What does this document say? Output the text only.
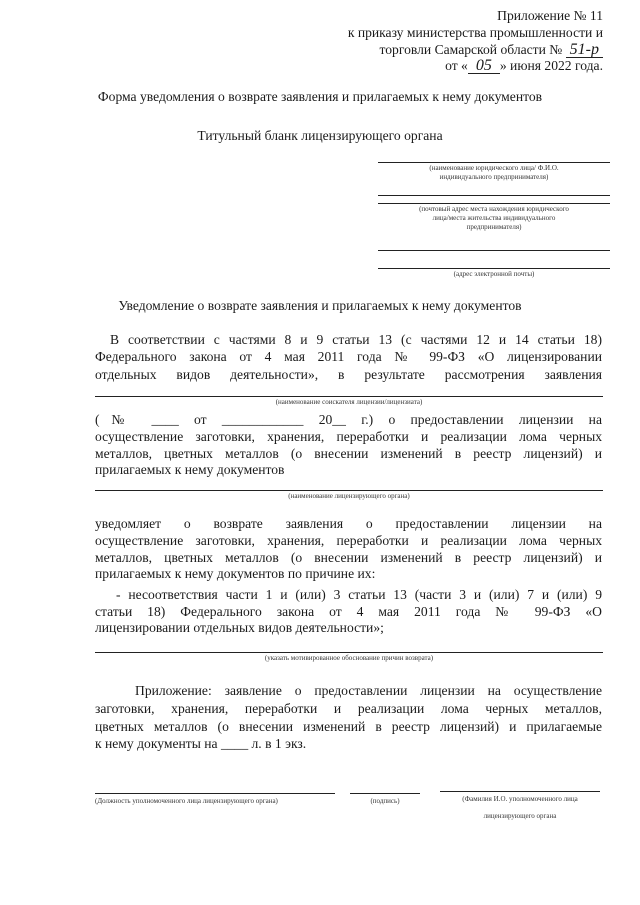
Приложение № 11
к приказу министерства промышленности и
торговли Самарской области № 51-р
от « 05 » июня 2022 года.
Форма уведомления о возврате заявления и прилагаемых к нему документов
Титульный бланк лицензирующего органа
(наименование юридического лица/ Ф.И.О.
индивидуального предпринимателя)
(почтовый адрес места нахождения юридического
лица/места жительства индивидуального
предпринимателя)
(адрес электронной почты)
Уведомление о возврате заявления и прилагаемых к нему документов
В соответствии с частями 8 и 9 статьи 13 (с частями 12 и 14 статьи 18)
Федерального закона от 4 мая 2011 года № 99-ФЗ «О лицензировании
отдельных видов деятельности», в результате рассмотрения заявления
(наименование соискателя лицензии/лицензиата)
(№ ____ от ____________ 20__ г.) о предоставлении лицензии на
осуществление заготовки, хранения, переработки и реализации лома черных
металлов, цветных металлов (о внесении изменений в реестр лицензий) и
прилагаемых к нему документов
(наименование лицензирующего органа)
уведомляет о возврате заявления о предоставлении лицензии на
осуществление заготовки, хранения, переработки и реализации лома черных
металлов, цветных металлов (о внесении изменений в реестр лицензий) и
прилагаемых к нему документов по причине их:
- несоответствия части 1 и (или) 3 статьи 13 (части 3 и (или) 7 и (или) 9
статьи 18) Федерального закона от 4 мая 2011 года № 99-ФЗ «О
лицензировании отдельных видов деятельности»;
(указать мотивированное обоснование причин возврата)
Приложение: заявление о предоставлении лицензии на осуществление
заготовки, хранения, переработки и реализации лома черных металлов,
цветных металлов (о внесении изменений в реестр лицензий) и прилагаемые
к нему документы на ____ л. в 1 экз.
(Должность уполномоченного лица лицензирующего органа)	(подпись)	(Фамилия И.О. уполномоченного лица
лицензирующего органа
